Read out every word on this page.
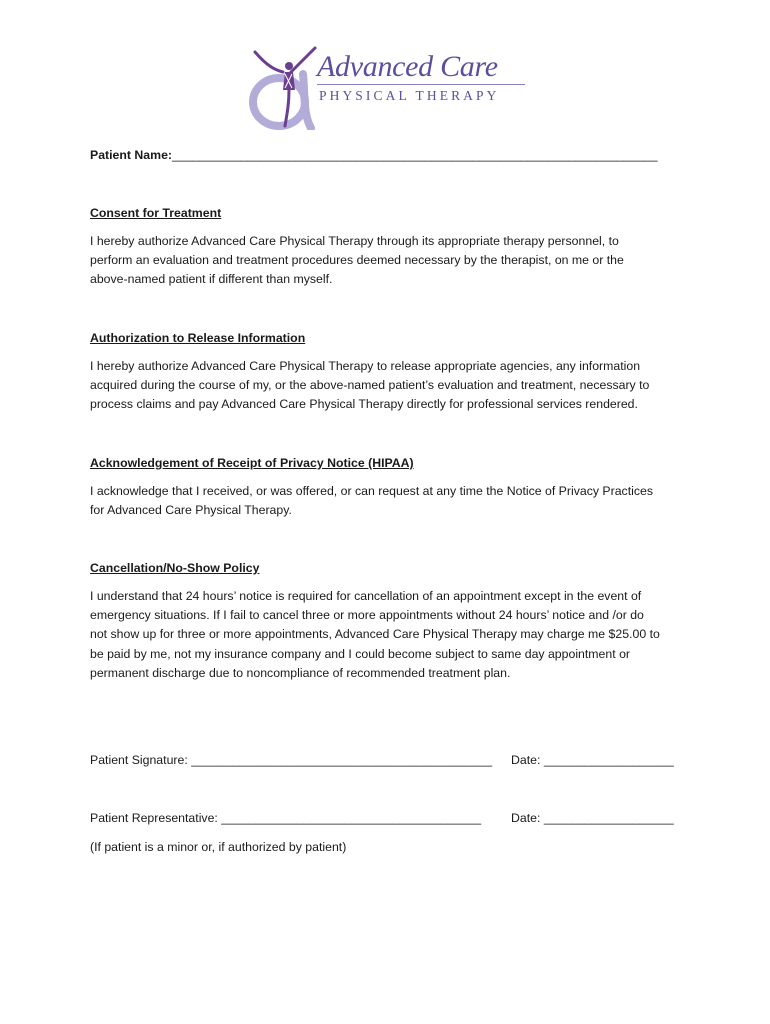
Advanced Care
PHYSICAL THERAPY
Patient Name:_______________________________________________________________________
Consent for Treatment
I hereby authorize Advanced Care Physical Therapy through its appropriate therapy personnel, to
perform an evaluation and treatment procedures deemed necessary by the therapist, on me or the
above-named patient if different than myself.
Authorization to Release Information
I hereby authorize Advanced Care Physical Therapy to release appropriate agencies, any information
acquired during the course of my, or the above-named patient’s evaluation and treatment, necessary to
process claims and pay Advanced Care Physical Therapy directly for professional services rendered.
Acknowledgement of Receipt of Privacy Notice (HIPAA)
I acknowledge that I received, or was offered, or can request at any time the Notice of Privacy Practices
for Advanced Care Physical Therapy.
Cancellation/No-Show Policy
I understand that 24 hours’ notice is required for cancellation of an appointment except in the event of
emergency situations. If I fail to cancel three or more appointments without 24 hours’ notice and /or do
not show up for three or more appointments, Advanced Care Physical Therapy may charge me $25.00 to
be paid by me, not my insurance company and I could become subject to same day appointment or
permanent discharge due to noncompliance of recommended treatment plan.
Patient Signature: ____________________________________________ Date: ___________________
Patient Representative: ______________________________________ Date: ___________________
(If patient is a minor or, if authorized by patient)
